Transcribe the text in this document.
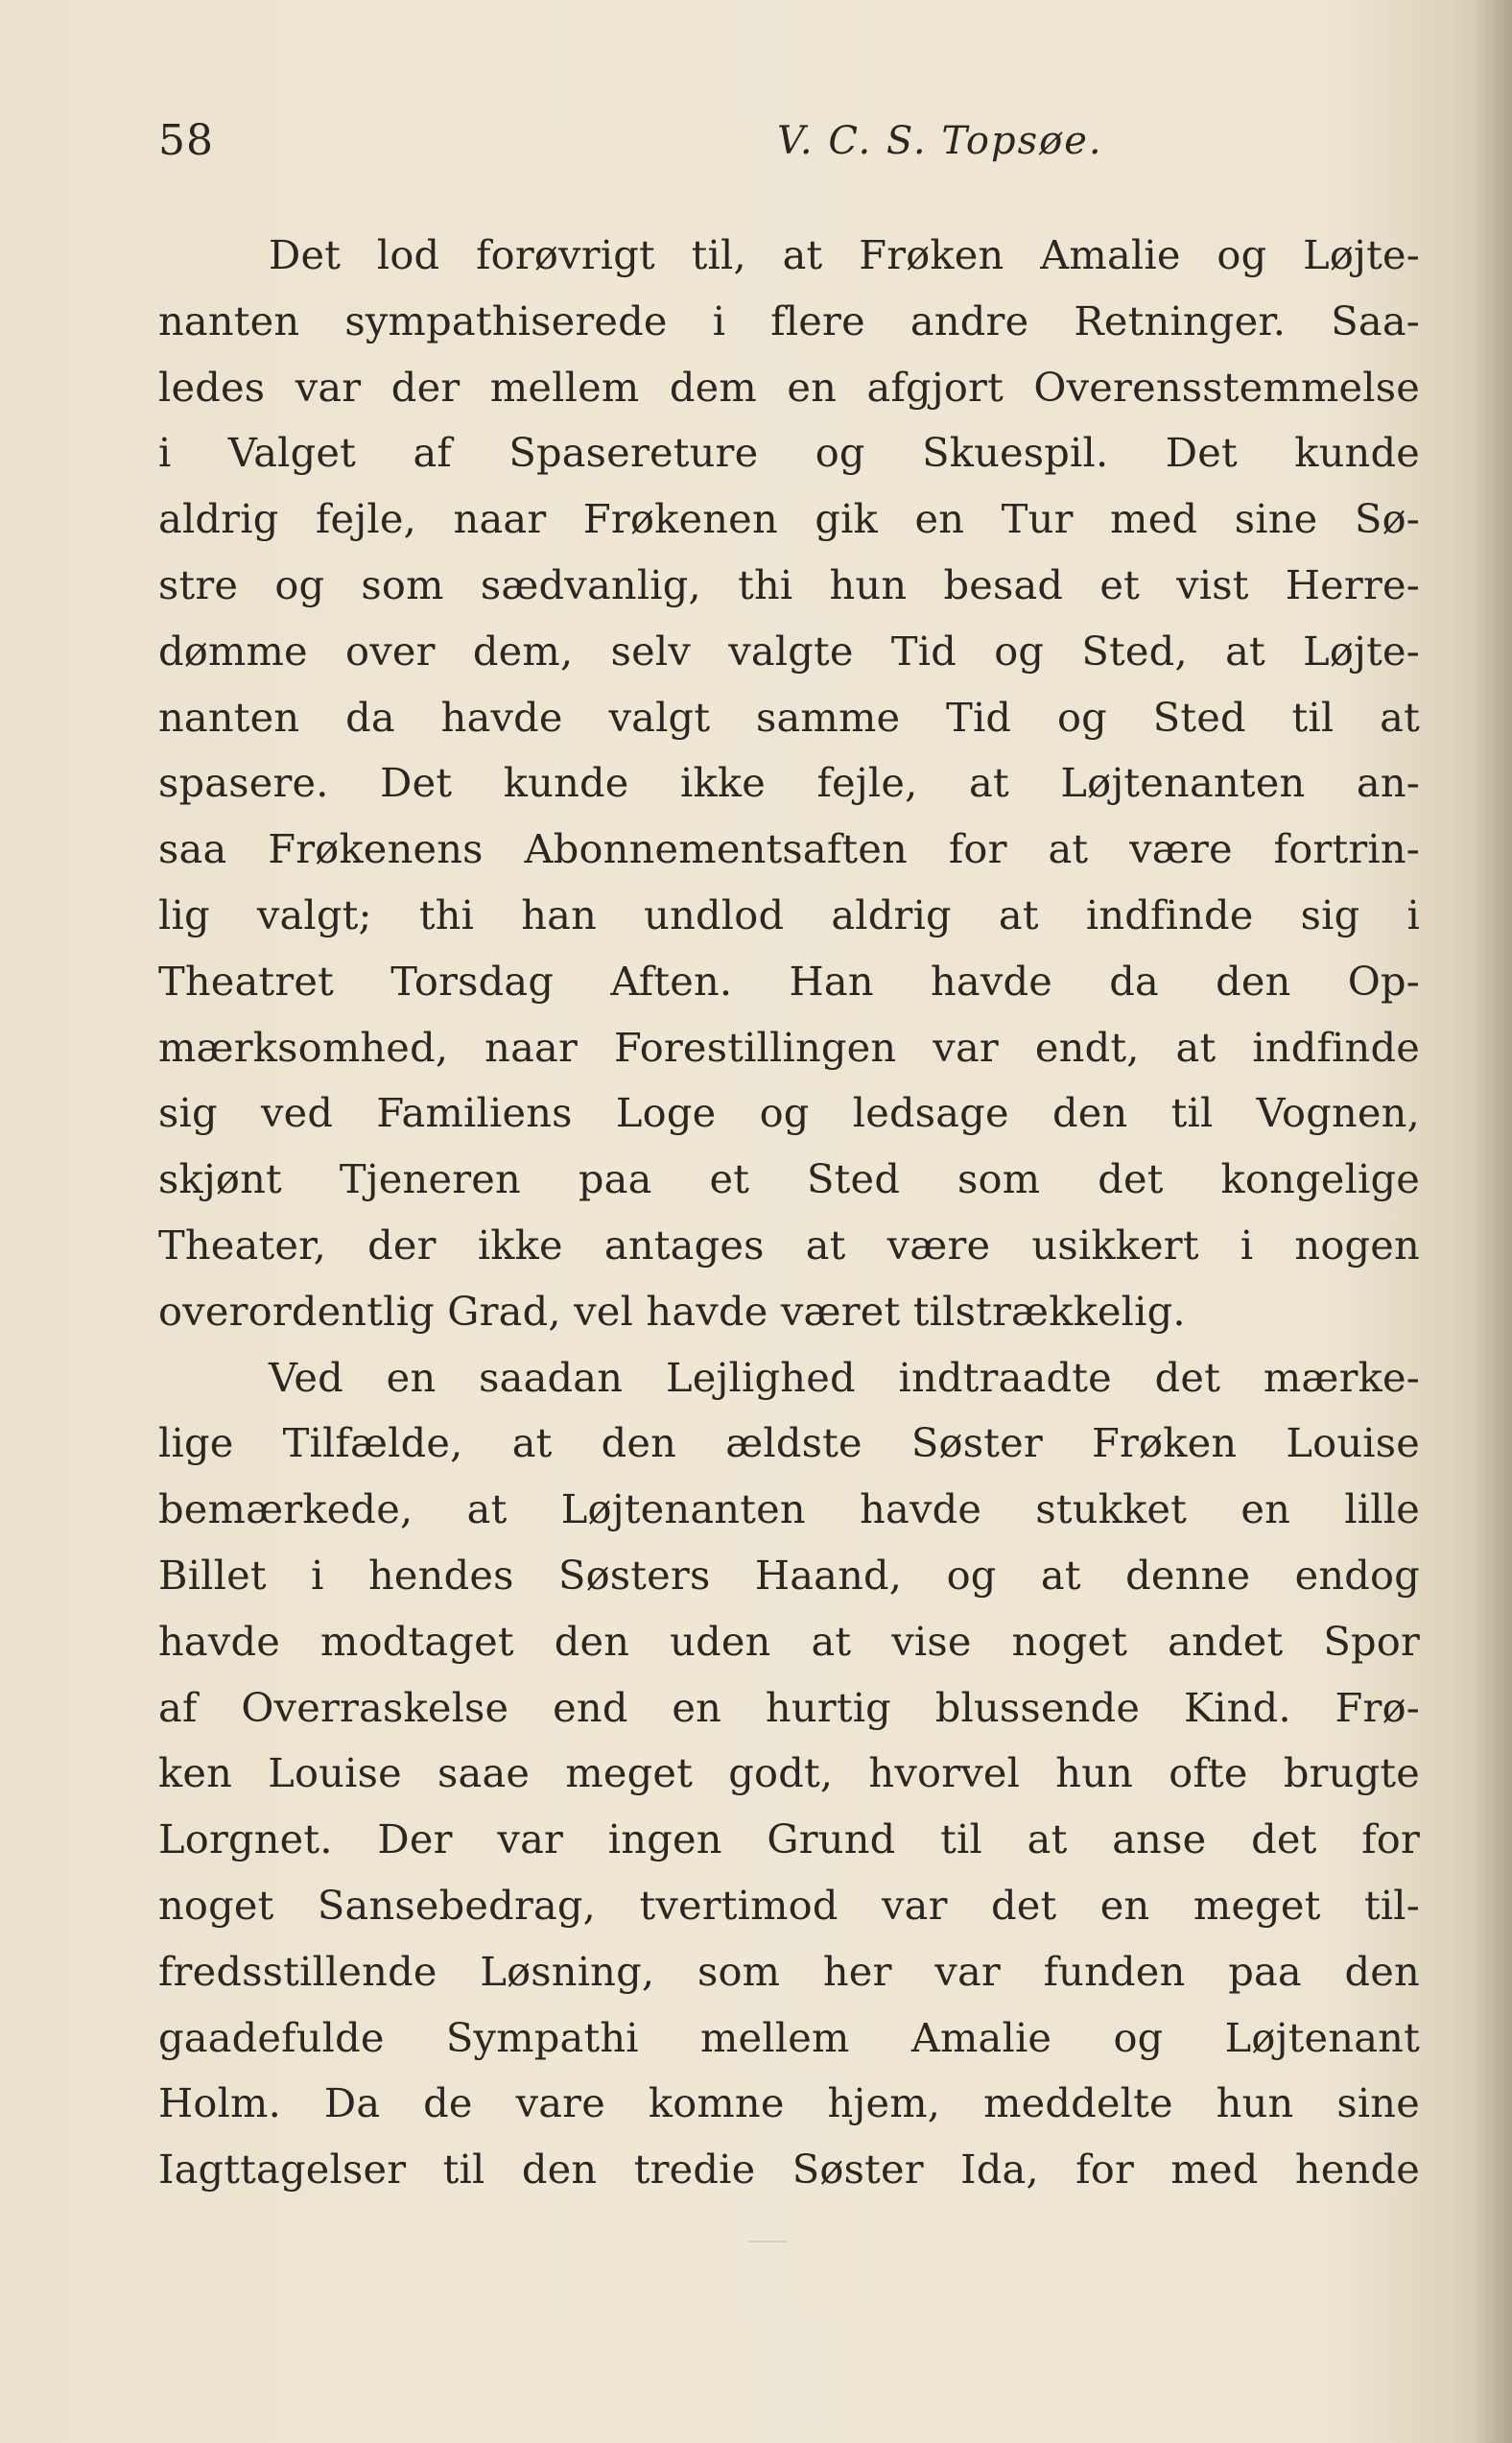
58	V. C. S. Topsøe.
Det lod forøvrigt til, at Frøken Amalie og Løjte-
nanten sympathiserede i flere andre Retninger. Saa-
ledes var der mellem dem en afgjort Overensstemmelse
i Valget af Spasereture og Skuespil. Det kunde
aldrig fejle, naar Frøkenen gik en Tur med sine Sø-
stre og som sædvanlig, thi hun besad et vist Herre-
dømme over dem, selv valgte Tid og Sted, at Løjte-
nanten da havde valgt samme Tid og Sted til at
spasere. Det kunde ikke fejle, at Løjtenanten an-
saa Frøkenens Abonnementsaften for at være fortrin-
lig valgt; thi han undlod aldrig at indfinde sig i
Theatret Torsdag Aften. Han havde da den Op-
mærksomhed, naar Forestillingen var endt, at indfinde
sig ved Familiens Loge og ledsage den til Vognen,
skjønt Tjeneren paa et Sted som det kongelige
Theater, der ikke antages at være usikkert i nogen
overordentlig Grad, vel havde været tilstrækkelig.
Ved en saadan Lejlighed indtraadte det mærke-
lige Tilfælde, at den ældste Søster Frøken Louise
bemærkede, at Løjtenanten havde stukket en lille
Billet i hendes Søsters Haand, og at denne endog
havde modtaget den uden at vise noget andet Spor
af Overraskelse end en hurtig blussende Kind. Frø-
ken Louise saae meget godt, hvorvel hun ofte brugte
Lorgnet. Der var ingen Grund til at anse det for
noget Sansebedrag, tvertimod var det en meget til-
fredsstillende Løsning, som her var funden paa den
gaadefulde Sympathi mellem Amalie og Løjtenant
Holm. Da de vare komne hjem, meddelte hun sine
Iagttagelser til den tredie Søster Ida, for med hende
